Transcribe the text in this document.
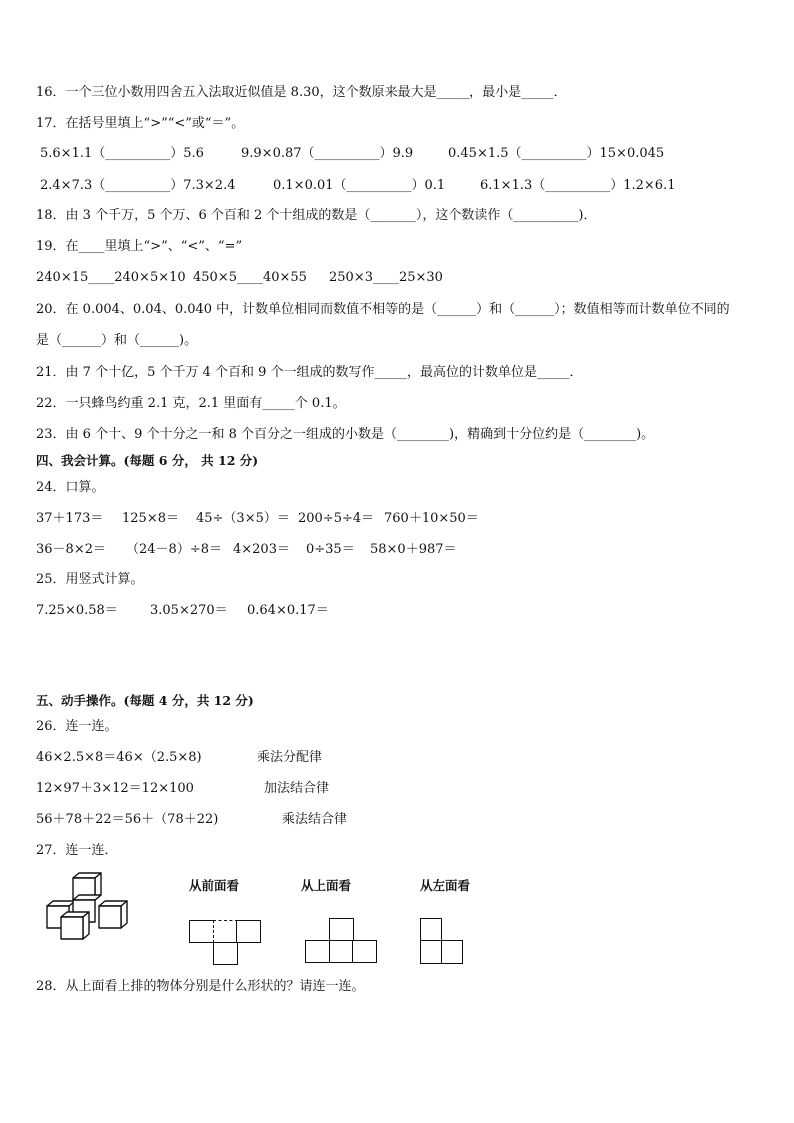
16．一个三位小数用四舍五入法取近似值是 8.30，这个数原来最大是_____，最小是_____．
17．在括号里填上“>”“<”或“＝”。
5.6×1.1（__________）5.6	9.9×0.87（__________）9.9	0.45×1.5（__________）15×0.045
2.4×7.3（__________）7.3×2.4	0.1×0.01（__________）0.1	6.1×1.3（__________）1.2×6.1
18．由 3 个千万，5 个万、6 个百和 2 个十组成的数是（_______），这个数读作（__________)．
19．在____里填上“>”、“<”、“=”
240×15____240×5×10 450×5____40×55 250×3____25×30
20．在 0.004、0.04、0.040 中，计数单位相同而数值不相等的是（______）和（______）；数值相等而计数单位不同的
是（______）和（______)。
21．由 7 个十亿，5 个千万 4 个百和 9 个一组成的数写作_____，最高位的计数单位是_____．
22．一只蜂鸟约重 2.1 克，2.1 里面有_____个 0.1。
23．由 6 个十、9 个十分之一和 8 个百分之一组成的小数是（________)，精确到十分位约是（________)。
四、我会计算。(每题 6 分， 共 12 分)
24．口算。
37＋173＝ 125×8＝ 45÷（3×5）＝ 200÷5÷4＝ 760＋10×50＝
36－8×2＝ （24－8）÷8＝ 4×203＝ 0÷35＝ 58×0＋987＝
25．用竖式计算。
7.25×0.58＝ 3.05×270＝ 0.64×0.17＝
五、动手操作。(每题 4 分，共 12 分)
26．连一连。
46×2.5×8＝46×（2.5×8)	乘法分配律
12×97＋3×12＝12×100	加法结合律
56＋78＋22＝56＋（78＋22)	乘法结合律
27．连一连．
从前面看	从上面看	从左面看
28．从上面看上排的物体分别是什么形状的？请连一连。
